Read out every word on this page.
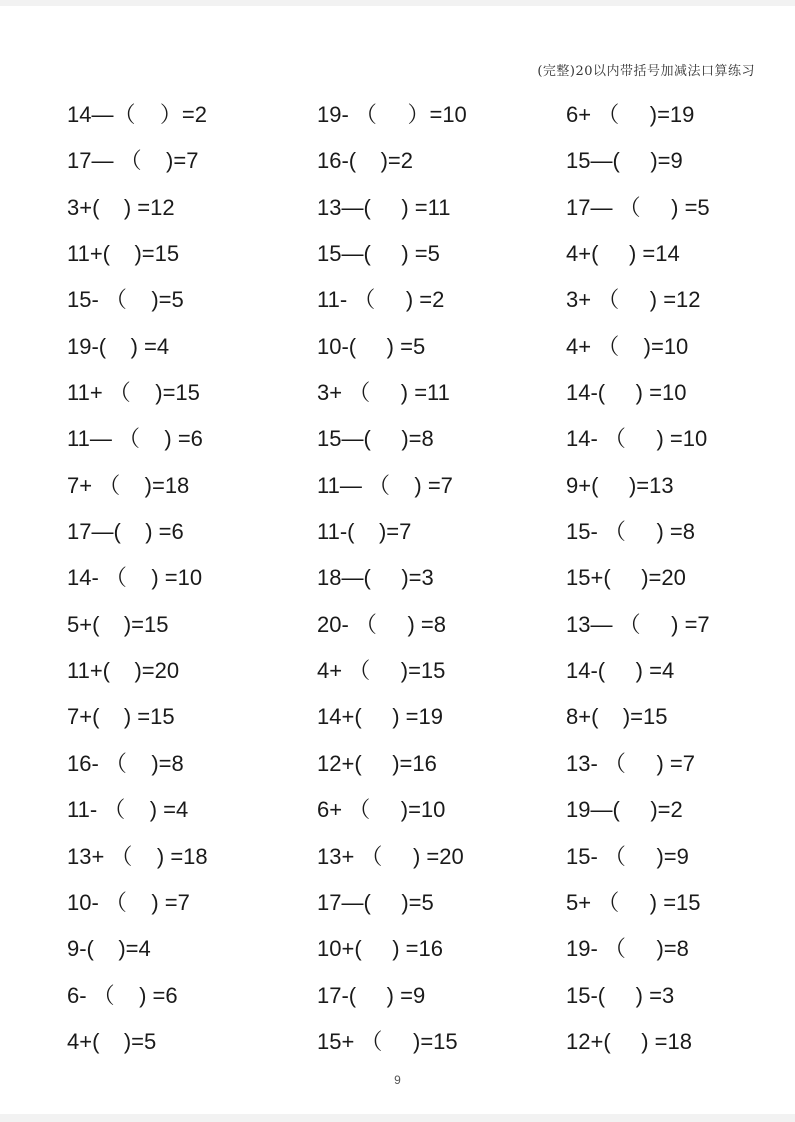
(完整)20以内带括号加减法口算练习
14—（    ）=2	19- （     ）=10	6+ （     )=19
17— （    )=7	16-(    )=2	15—(     )=9
3+(    ) =12	13—(     ) =11	17— （     ) =5
11+(    )=15	15—(     ) =5	4+(     ) =14
15- （    )=5	11- （     ) =2	3+ （     ) =12
19-(    ) =4	10-(     ) =5	4+ （    )=10
11+ （    )=15	3+ （     ) =11	14-(     ) =10
11— （    ) =6	15—(     )=8	14- （     ) =10
7+ （    )=18	11— （    ) =7	9+(     )=13
17—(    ) =6	11-(    )=7	15- （     ) =8
14- （    ) =10	18—(     )=3	15+(     )=20
5+(    )=15	20- （     ) =8	13— （     ) =7
11+(    )=20	4+ （     )=15	14-(     ) =4
7+(    ) =15	14+(     ) =19	8+(    )=15
16- （    )=8	12+(     )=16	13- （     ) =7
11- （    ) =4	6+ （     )=10	19—(     )=2
13+ （    ) =18	13+ （     ) =20	15- （     )=9
10- （    ) =7	17—(     )=5	5+ （     ) =15
9-(    )=4	10+(     ) =16	19- （     )=8
6- （    ) =6	17-(     ) =9	15-(     ) =3
4+(    )=5	15+ （     )=15	12+(     ) =18
9
